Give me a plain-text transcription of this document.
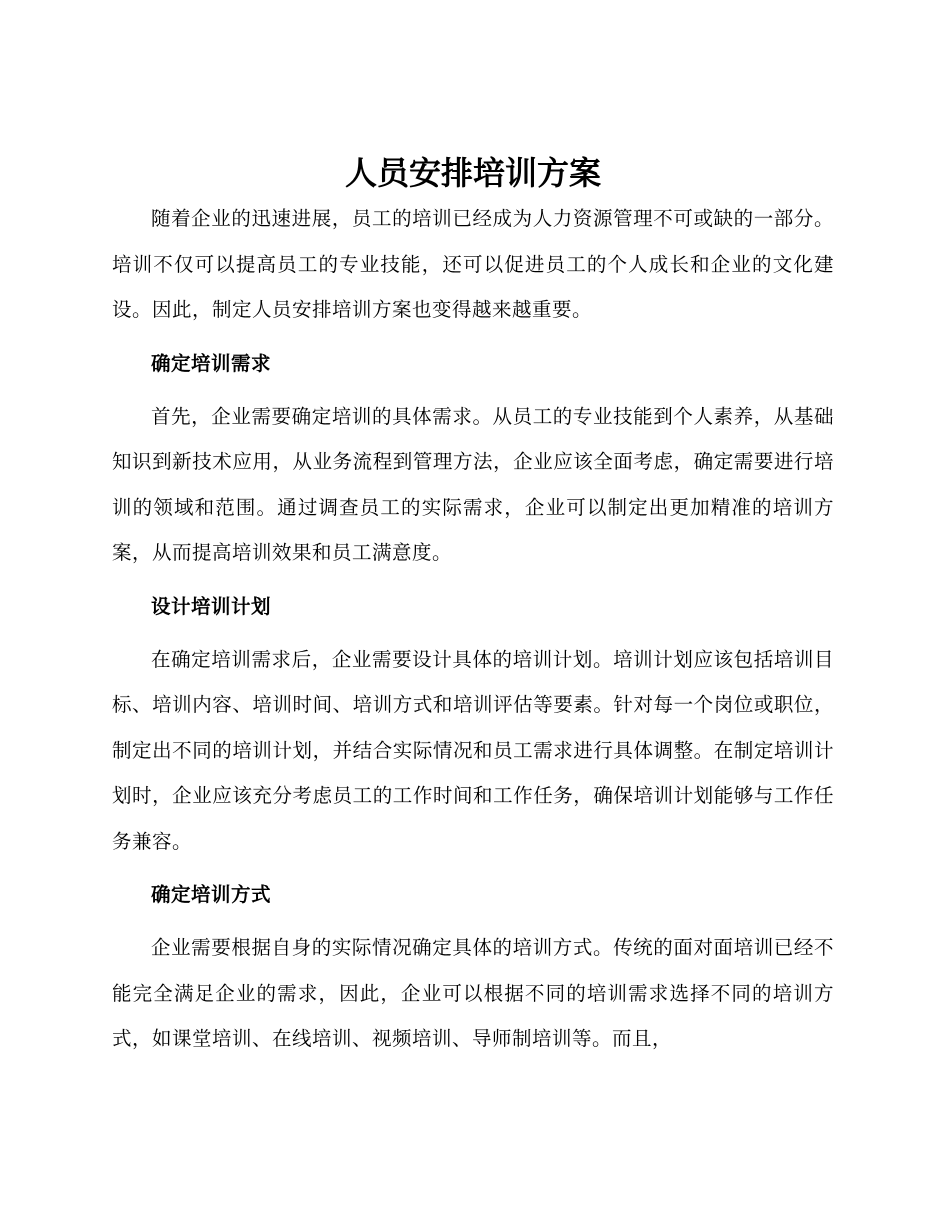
人员安排培训方案

随着企业的迅速进展，员工的培训已经成为人力资源管理不可或缺的一部分。培训不仅可以提高员工的专业技能，还可以促进员工的个人成长和企业的文化建设。因此，制定人员安排培训方案也变得越来越重要。

确定培训需求

首先，企业需要确定培训的具体需求。从员工的专业技能到个人素养，从基础知识到新技术应用，从业务流程到管理方法，企业应该全面考虑，确定需要进行培训的领域和范围。通过调查员工的实际需求，企业可以制定出更加精准的培训方案，从而提高培训效果和员工满意度。

设计培训计划

在确定培训需求后，企业需要设计具体的培训计划。培训计划应该包括培训目标、培训内容、培训时间、培训方式和培训评估等要素。针对每一个岗位或职位，制定出不同的培训计划，并结合实际情况和员工需求进行具体调整。在制定培训计划时，企业应该充分考虑员工的工作时间和工作任务，确保培训计划能够与工作任务兼容。

确定培训方式

企业需要根据自身的实际情况确定具体的培训方式。传统的面对面培训已经不能完全满足企业的需求，因此，企业可以根据不同的培训需求选择不同的培训方式，如课堂培训、在线培训、视频培训、导师制培训等。而且，
